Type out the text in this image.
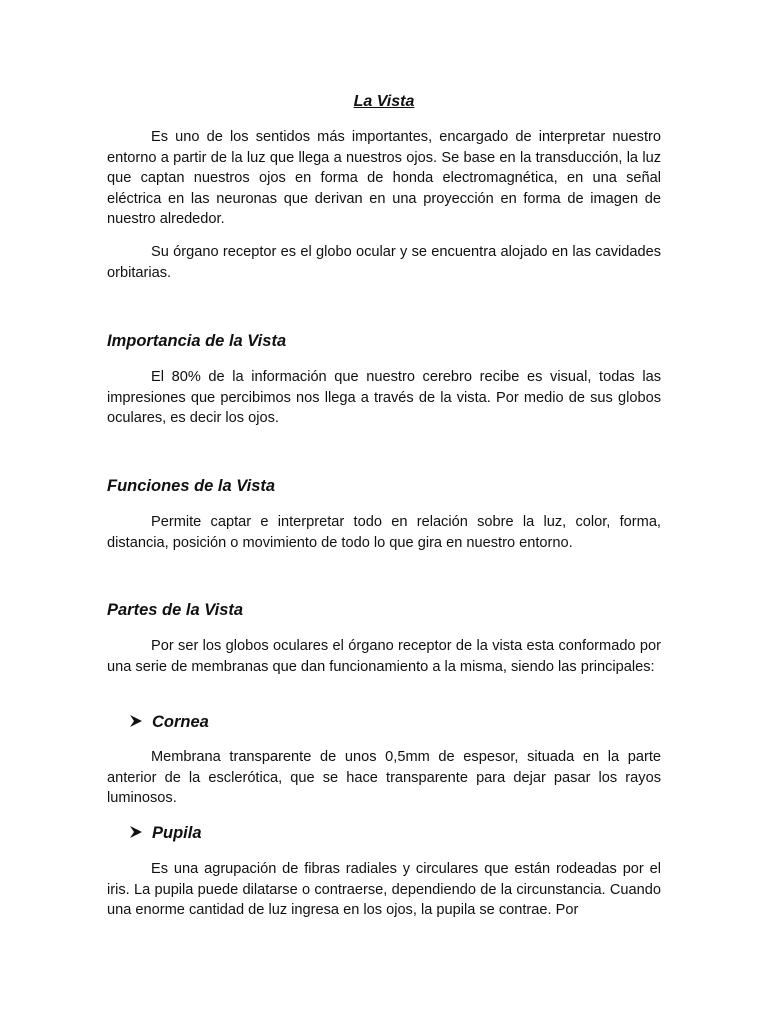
La Vista

Es uno de los sentidos más importantes, encargado de interpretar nuestro entorno a partir de la luz que llega a nuestros ojos. Se base en la transducción, la luz que captan nuestros ojos en forma de honda electromagnética, en una señal eléctrica en las neuronas que derivan en una proyección en forma de imagen de nuestro alrededor.

Su órgano receptor es el globo ocular y se encuentra alojado en las cavidades orbitarias.

Importancia de la Vista

El 80% de la información que nuestro cerebro recibe es visual, todas las impresiones que percibimos nos llega a través de la vista. Por medio de sus globos oculares, es decir los ojos.

Funciones de la Vista

Permite captar e interpretar todo en relación sobre la luz, color, forma, distancia, posición o movimiento de todo lo que gira en nuestro entorno.

Partes de la Vista

Por ser los globos oculares el órgano receptor de la vista esta conformado por una serie de membranas que dan funcionamiento a la misma, siendo las principales:

Cornea

Membrana transparente de unos 0,5mm de espesor, situada en la parte anterior de la esclerótica, que se hace transparente para dejar pasar los rayos luminosos.

Pupila

Es una agrupación de fibras radiales y circulares que están rodeadas por el iris. La pupila puede dilatarse o contraerse, dependiendo de la circunstancia. Cuando una enorme cantidad de luz ingresa en los ojos, la pupila se contrae. Por
